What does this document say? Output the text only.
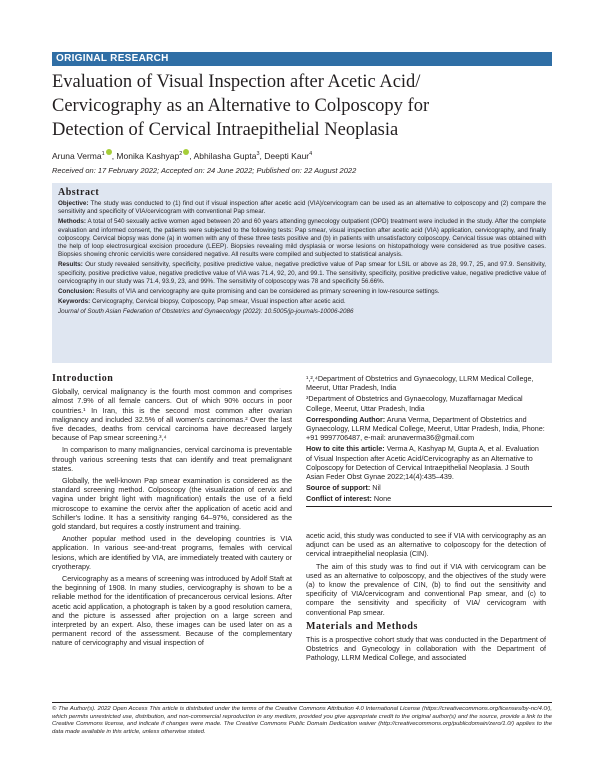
ORIGINAL RESEARCH
Evaluation of Visual Inspection after Acetic Acid/ Cervicography as an Alternative to Colposcopy for Detection of Cervical Intraepithelial Neoplasia
Aruna Verma$^1$ , Monika Kashyap$^2$ , Abhilasha Gupta$^3$, Deepti Kaur$^4$
Received on: 17 February 2022; Accepted on: 24 June 2022; Published on: 22 August 2022

Abstract

Objective: The study was conducted to (1) find out if visual inspection after acetic acid (VIA)/cervicogram can be used as an alternative to colposcopy and (2) compare the sensitivity and specificity of VIA/cervicogram with conventional Pap smear.

Methods: A total of 540 sexually active women aged between 20 and 60 years attending gynecology outpatient (OPD) treatment were included in the study. After the complete evaluation and informed consent, the patients were subjected to the following tests: Pap smear, visual inspection after acetic acid (VIA) application, cervicography, and finally colposcopy. Cervical biopsy was done (a) in women with any of these three tests positive and (b) in patients with unsatisfactory colposcopy. Cervical tissue was obtained with the help of loop electrosurgical excision procedure (LEEP). Biopsies revealing mild dysplasia or worse lesions on histopathology were considered as true positive cases. Biopsies showing chronic cervicitis were considered negative. All results were compiled and subjected to statistical analysis.

Results: Our study revealed sensitivity, specificity, positive predictive value, negative predictive value of Pap smear for LSIL or above as 28, 99.7, 25, and 97.9. Sensitivity, specificity, positive predictive value, negative predictive value of VIA was 71.4, 92, 20, and 99.1. The sensitivity, specificity, positive predictive value, negative predictive value of cervicography in our study was 71.4, 93.9, 23, and 99%. The sensitivity of colposcopy was 78 and specificity 56.66%.

Conclusion: Results of VIA and cervicography are quite promising and can be considered as primary screening in low-resource settings.

Keywords: Cervicography, Cervical biopsy, Colposcopy, Pap smear, Visual inspection after acetic acid.

Journal of South Asian Federation of Obstetrics and Gynaecology (2022): 10.5005/jp-journals-10006-2086

Introduction

Globally, cervical malignancy is the fourth most common and comprises almost 7.9% of all female cancers. Out of which 90% occurs in poor countries.¹ In Iran, this is the second most common after ovarian malignancy and included 32.5% of all women's carcinomas.² Over the last five decades, deaths from cervical carcinoma have decreased largely because of Pap smear screening.³,⁴

In comparison to many malignancies, cervical carcinoma is preventable through various screening tests that can identify and treat premalignant states.

Globally, the well-known Pap smear examination is considered as the standard screening method. Colposcopy (the visualization of cervix and vagina under bright light with magnification) entails the use of a field microscope to examine the cervix after the application of acetic acid and Schiller's Iodine. It has a sensitivity ranging 64–97%, considered as the gold standard, but requires a costly instrument and training.

Another popular method used in the developing countries is VIA application. In various see-and-treat programs, females with cervical lesions, which are identified by VIA, are immediately treated with cautery or cryotherapy.

Cervicography as a means of screening was introduced by Adolf Staft at the beginning of 1908. In many studies, cervicography is shown to be a reliable method for the identification of precancerous cervical lesions. After acetic acid application, a photograph is taken by a good resolution camera, and the picture is assessed after projection on a large screen and interpreted by an expert. Also, these images can be used later on as a permanent record of the assessment. Because of the complementary nature of cervicography and visual inspection of

¹,²,⁴Department of Obstetrics and Gynaecology, LLRM Medical College, Meerut, Uttar Pradesh, India

³Department of Obstetrics and Gynaecology, Muzaffarnagar Medical College, Meerut, Uttar Pradesh, India

Corresponding Author: Aruna Verma, Department of Obstetrics and Gynaecology, LLRM Medical College, Meerut, Uttar Pradesh, India, Phone: +91 9997706487, e-mail: arunaverma36@gmail.com

How to cite this article: Verma A, Kashyap M, Gupta A, et al. Evaluation of Visual Inspection after Acetic Acid/Cervicography as an Alternative to Colposcopy for Detection of Cervical Intraepithelial Neoplasia. J South Asian Feder Obst Gynae 2022;14(4):435–439.

Source of support: Nil

Conflict of interest: None

acetic acid, this study was conducted to see if VIA with cervicography as an adjunct can be used as an alternative to colposcopy for the detection of cervical intraepithelial neoplasia (CIN).

The aim of this study was to find out if VIA with cervicogram can be used as an alternative to colposcopy, and the objectives of the study were (a) to know the prevalence of CIN, (b) to find out the sensitivity and specificity of VIA/cervicogram and conventional Pap smear, and (c) to compare the sensitivity and specificity of VIA/ cervicogram with conventional Pap smear.

Materials and Methods

This is a prospective cohort study that was conducted in the Department of Obstetrics and Gynecology in collaboration with the Department of Pathology, LLRM Medical College, and associated

© The Author(s). 2022 Open Access This article is distributed under the terms of the Creative Commons Attribution 4.0 International License (https://creativecommons.org/licenses/by-nc/4.0/), which permits unrestricted use, distribution, and non-commercial reproduction in any medium, provided you give appropriate credit to the original author(s) and the source, provide a link to the Creative Commons license, and indicate if changes were made. The Creative Commons Public Domain Dedication waiver (http://creativecommons.org/publicdomain/zero/1.0/) applies to the data made available in this article, unless otherwise stated.
